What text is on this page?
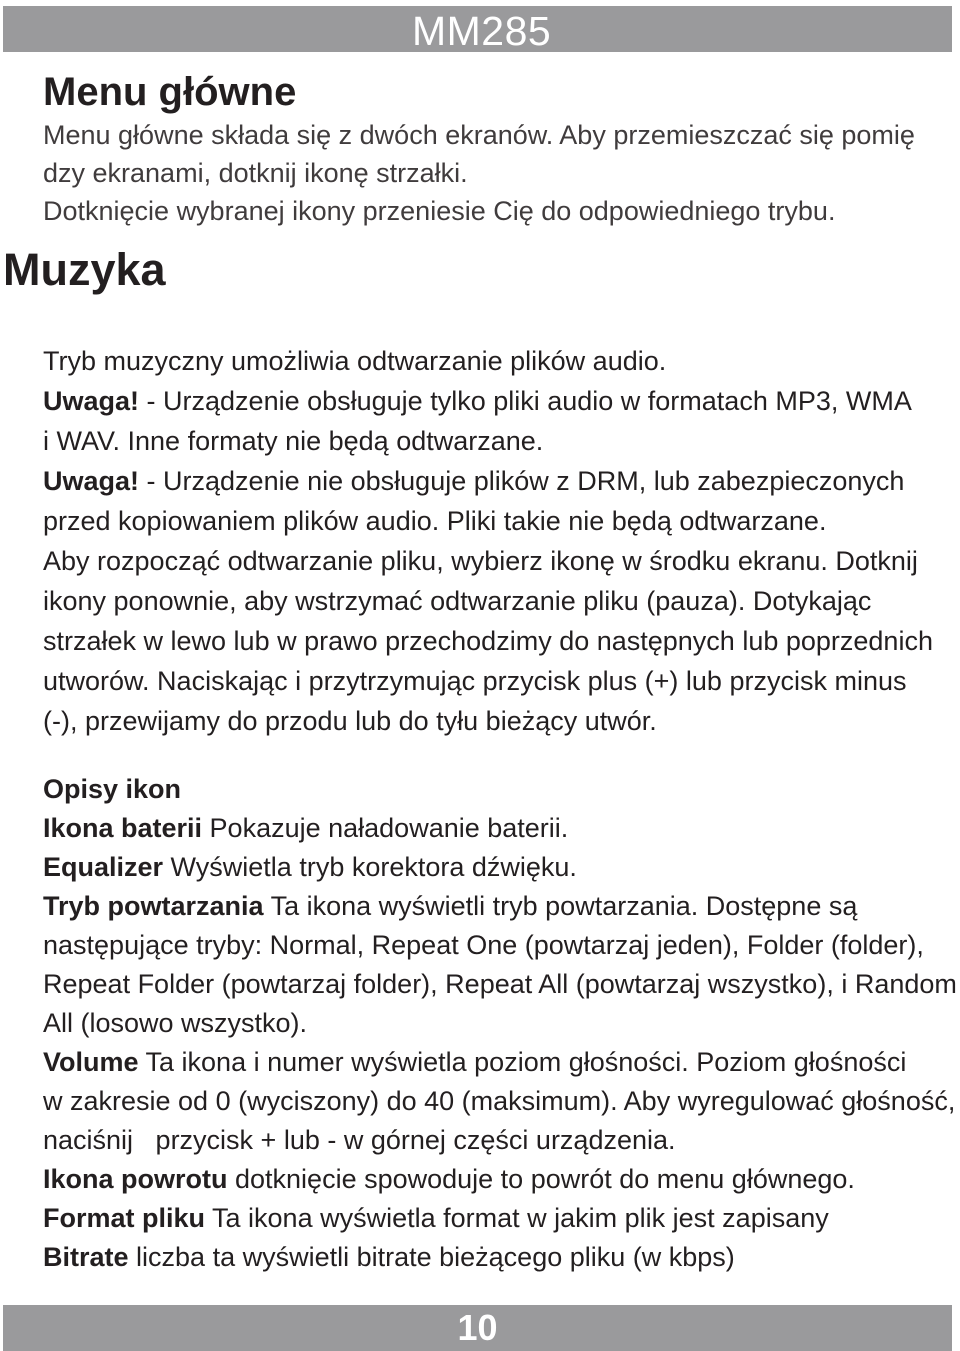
MM285
Menu główne
Menu główne składa się z dwóch ekranów. Aby przemieszczać się pomię
dzy ekranami, dotknij ikonę strzałki.
Dotknięcie wybranej ikony przeniesie Cię do odpowiedniego trybu.
Muzyka
Tryb muzyczny umożliwia odtwarzanie plików audio.
Uwaga! - Urządzenie obsługuje tylko pliki audio w formatach MP3, WMA
i WAV. Inne formaty nie będą odtwarzane.
Uwaga! - Urządzenie nie obsługuje plików z DRM, lub zabezpieczonych
przed kopiowaniem plików audio. Pliki takie nie będą odtwarzane.
Aby rozpocząć odtwarzanie pliku, wybierz ikonę w środku ekranu. Dotknij
ikony ponownie, aby wstrzymać odtwarzanie pliku (pauza). Dotykając
strzałek w lewo lub w prawo przechodzimy do następnych lub poprzednich
utworów. Naciskając i przytrzymując przycisk plus (+) lub przycisk minus
(-), przewijamy do przodu lub do tyłu bieżący utwór.
Opisy ikon
Ikona baterii Pokazuje naładowanie baterii.
Equalizer Wyświetla tryb korektora dźwięku.
Tryb powtarzania Ta ikona wyświetli tryb powtarzania. Dostępne są
następujące tryby: Normal, Repeat One (powtarzaj jeden), Folder (folder),
Repeat Folder (powtarzaj folder), Repeat All (powtarzaj wszystko), i Random
All (losowo wszystko).
Volume Ta ikona i numer wyświetla poziom głośności. Poziom głośności
w zakresie od 0 (wyciszony) do 40 (maksimum). Aby wyregulować głośność,
naciśnij   przycisk + lub - w górnej części urządzenia.
Ikona powrotu dotknięcie spowoduje to powrót do menu głównego.
Format pliku Ta ikona wyświetla format w jakim plik jest zapisany
Bitrate liczba ta wyświetli bitrate bieżącego pliku (w kbps)
10
